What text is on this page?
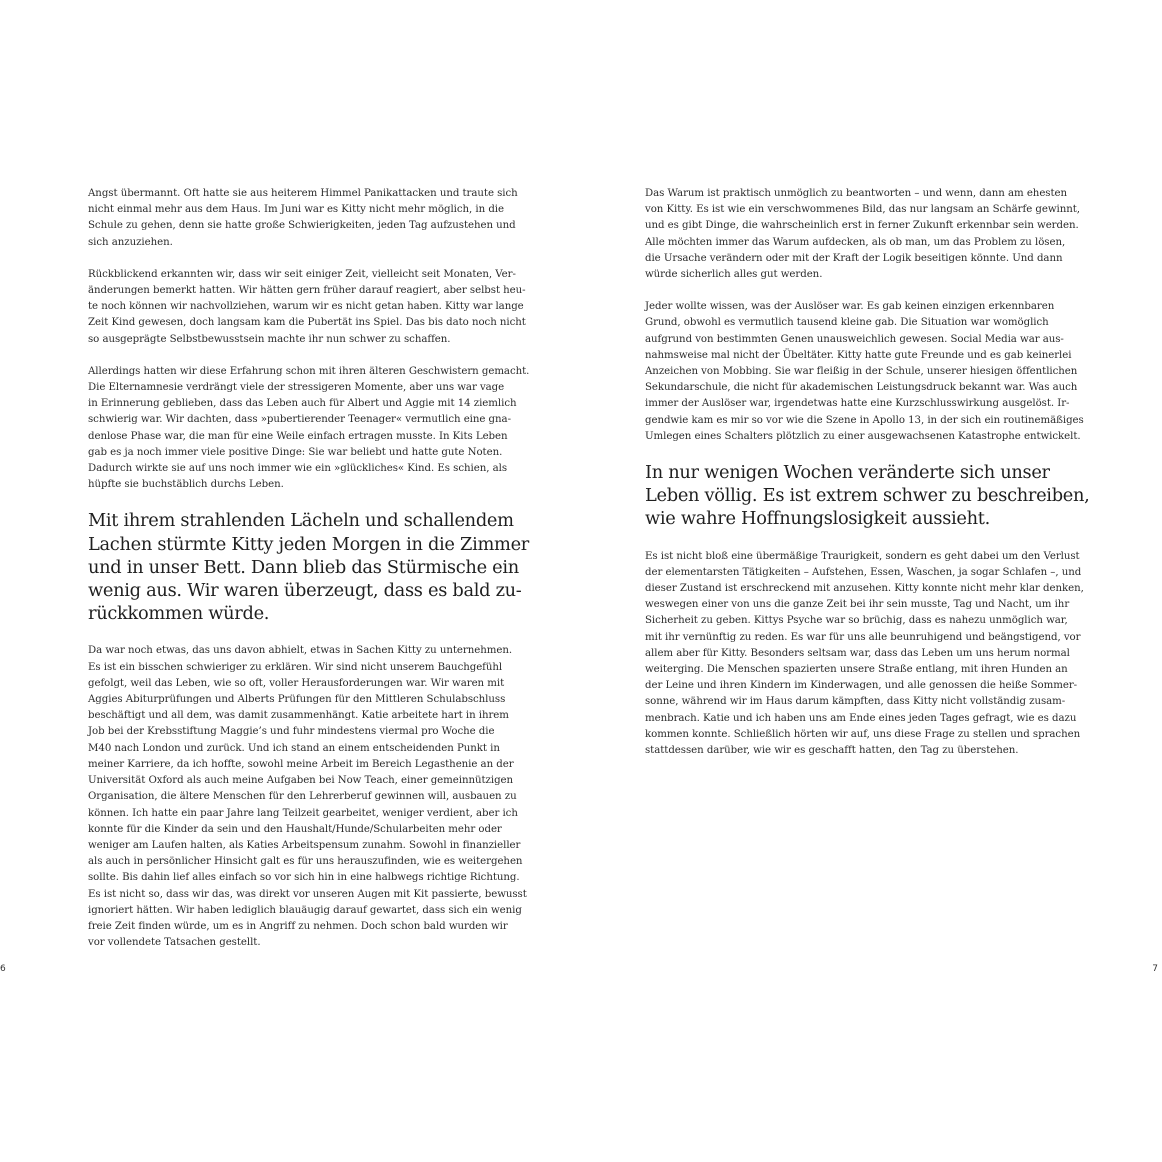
Angst übermannt. Oft hatte sie aus heiterem Himmel Panikattacken und traute sich
nicht einmal mehr aus dem Haus. Im Juni war es Kitty nicht mehr möglich, in die
Schule zu gehen, denn sie hatte große Schwierigkeiten, jeden Tag aufzustehen und
sich anzuziehen.
Rückblickend erkannten wir, dass wir seit einiger Zeit, vielleicht seit Monaten, Ver-
änderungen bemerkt hatten. Wir hätten gern früher darauf reagiert, aber selbst heu-
te noch können wir nachvollziehen, warum wir es nicht getan haben. Kitty war lange
Zeit Kind gewesen, doch langsam kam die Pubertät ins Spiel. Das bis dato noch nicht
so ausgeprägte Selbstbewusstsein machte ihr nun schwer zu schaffen.
Allerdings hatten wir diese Erfahrung schon mit ihren älteren Geschwistern gemacht.
Die Elternamnesie verdrängt viele der stressigeren Momente, aber uns war vage
in Erinnerung geblieben, dass das Leben auch für Albert und Aggie mit 14 ziemlich
schwierig war. Wir dachten, dass »pubertierender Teenager« vermutlich eine gna-
denlose Phase war, die man für eine Weile einfach ertragen musste. In Kits Leben
gab es ja noch immer viele positive Dinge: Sie war beliebt und hatte gute Noten.
Dadurch wirkte sie auf uns noch immer wie ein »glückliches« Kind. Es schien, als
hüpfte sie buchstäblich durchs Leben.
Mit ihrem strahlenden Lächeln und schallendem
Lachen stürmte Kitty jeden Morgen in die Zimmer
und in unser Bett. Dann blieb das Stürmische ein
wenig aus. Wir waren überzeugt, dass es bald zu-
rückkommen würde.
Da war noch etwas, das uns davon abhielt, etwas in Sachen Kitty zu unternehmen.
Es ist ein bisschen schwieriger zu erklären. Wir sind nicht unserem Bauchgefühl
gefolgt, weil das Leben, wie so oft, voller Herausforderungen war. Wir waren mit
Aggies Abiturprüfungen und Alberts Prüfungen für den Mittleren Schulabschluss
beschäftigt und all dem, was damit zusammenhängt. Katie arbeitete hart in ihrem
Job bei der Krebsstiftung Maggie’s und fuhr mindestens viermal pro Woche die
M40 nach London und zurück. Und ich stand an einem entscheidenden Punkt in
meiner Karriere, da ich hoffte, sowohl meine Arbeit im Bereich Legasthenie an der
Universität Oxford als auch meine Aufgaben bei Now Teach, einer gemeinnützigen
Organisation, die ältere Menschen für den Lehrerberuf gewinnen will, ausbauen zu
können. Ich hatte ein paar Jahre lang Teilzeit gearbeitet, weniger verdient, aber ich
konnte für die Kinder da sein und den Haushalt/Hunde/Schularbeiten mehr oder
weniger am Laufen halten, als Katies Arbeitspensum zunahm. Sowohl in finanzieller
als auch in persönlicher Hinsicht galt es für uns herauszufinden, wie es weitergehen
sollte. Bis dahin lief alles einfach so vor sich hin in eine halbwegs richtige Richtung.
Es ist nicht so, dass wir das, was direkt vor unseren Augen mit Kit passierte, bewusst
ignoriert hätten. Wir haben lediglich blauäugig darauf gewartet, dass sich ein wenig
freie Zeit finden würde, um es in Angriff zu nehmen. Doch schon bald wurden wir
vor vollendete Tatsachen gestellt.
6
Das Warum ist praktisch unmöglich zu beantworten – und wenn, dann am ehesten
von Kitty. Es ist wie ein verschwommenes Bild, das nur langsam an Schärfe gewinnt,
und es gibt Dinge, die wahrscheinlich erst in ferner Zukunft erkennbar sein werden.
Alle möchten immer das Warum aufdecken, als ob man, um das Problem zu lösen,
die Ursache verändern oder mit der Kraft der Logik beseitigen könnte. Und dann
würde sicherlich alles gut werden.
Jeder wollte wissen, was der Auslöser war. Es gab keinen einzigen erkennbaren
Grund, obwohl es vermutlich tausend kleine gab. Die Situation war womöglich
aufgrund von bestimmten Genen unausweichlich gewesen. Social Media war aus-
nahmsweise mal nicht der Übeltäter. Kitty hatte gute Freunde und es gab keinerlei
Anzeichen von Mobbing. Sie war fleißig in der Schule, unserer hiesigen öffentlichen
Sekundarschule, die nicht für akademischen Leistungsdruck bekannt war. Was auch
immer der Auslöser war, irgendetwas hatte eine Kurzschlusswirkung ausgelöst. Ir-
gendwie kam es mir so vor wie die Szene in Apollo 13, in der sich ein routinemäßiges
Umlegen eines Schalters plötzlich zu einer ausgewachsenen Katastrophe entwickelt.
In nur wenigen Wochen veränderte sich unser
Leben völlig. Es ist extrem schwer zu beschreiben,
wie wahre Hoffnungslosigkeit aussieht.
Es ist nicht bloß eine übermäßige Traurigkeit, sondern es geht dabei um den Verlust
der elementarsten Tätigkeiten – Aufstehen, Essen, Waschen, ja sogar Schlafen –, und
dieser Zustand ist erschreckend mit anzusehen. Kitty konnte nicht mehr klar denken,
weswegen einer von uns die ganze Zeit bei ihr sein musste, Tag und Nacht, um ihr
Sicherheit zu geben. Kittys Psyche war so brüchig, dass es nahezu unmöglich war,
mit ihr vernünftig zu reden. Es war für uns alle beunruhigend und beängstigend, vor
allem aber für Kitty. Besonders seltsam war, dass das Leben um uns herum normal
weiterging. Die Menschen spazierten unsere Straße entlang, mit ihren Hunden an
der Leine und ihren Kindern im Kinderwagen, und alle genossen die heiße Sommer-
sonne, während wir im Haus darum kämpften, dass Kitty nicht vollständig zusam-
menbrach. Katie und ich haben uns am Ende eines jeden Tages gefragt, wie es dazu
kommen konnte. Schließlich hörten wir auf, uns diese Frage zu stellen und sprachen
stattdessen darüber, wie wir es geschafft hatten, den Tag zu überstehen.
7
